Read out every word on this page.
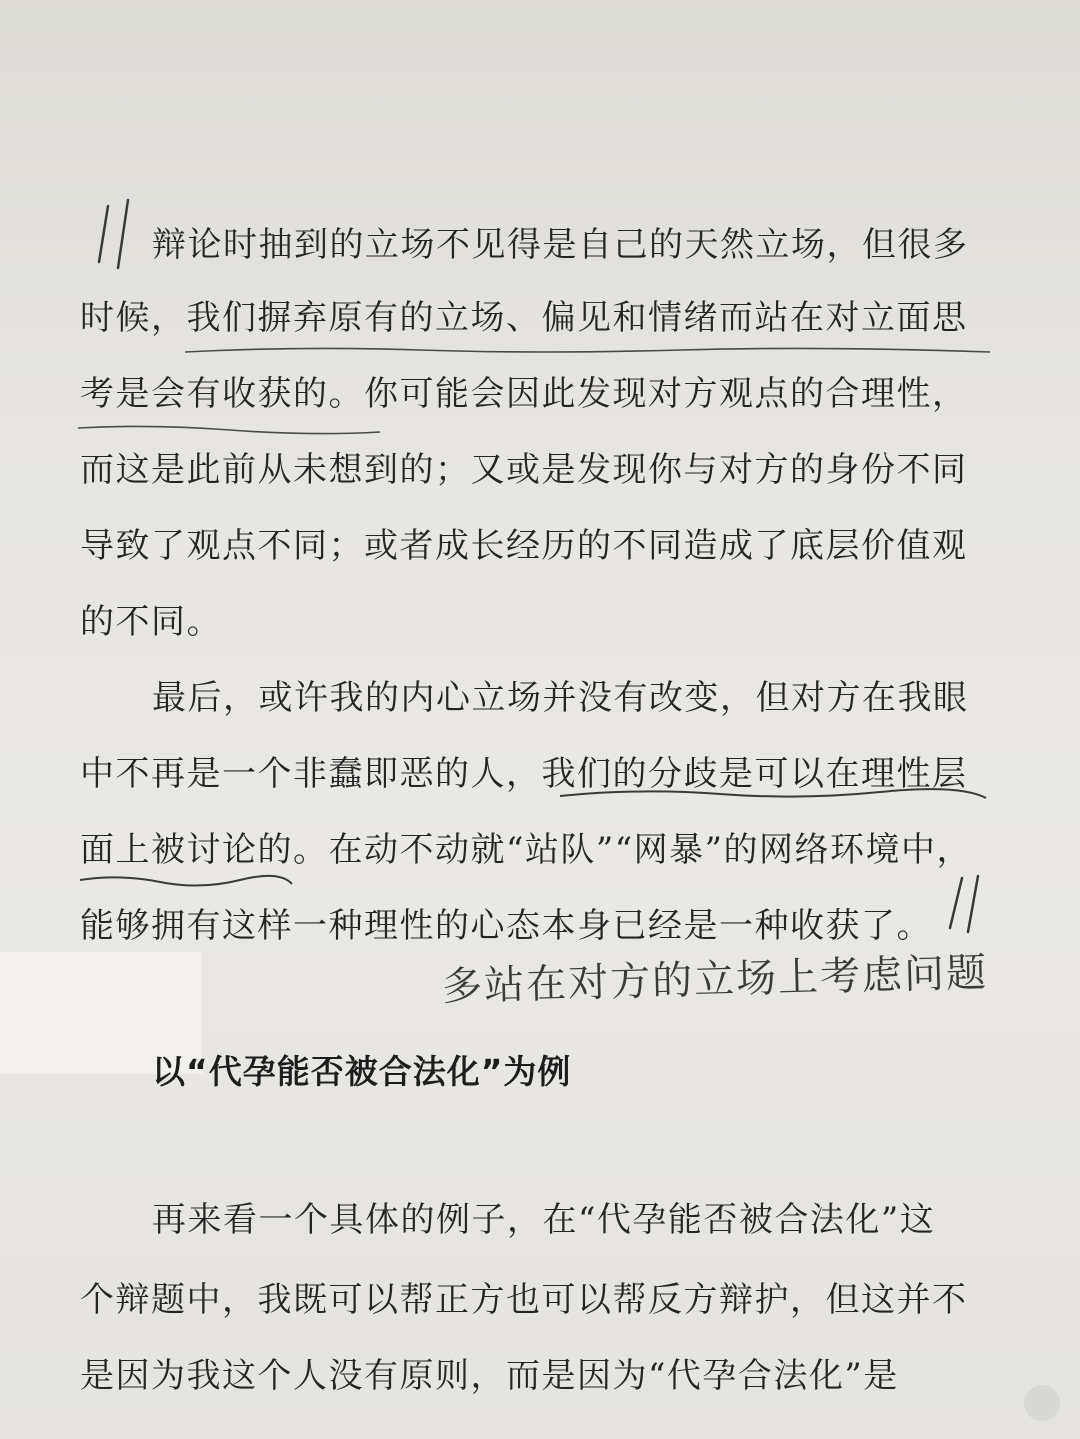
辩论时抽到的立场不见得是自己的天然立场，但很多
时候，我们摒弃原有的立场、偏见和情绪而站在对立面思
考是会有收获的。你可能会因此发现对方观点的合理性，
而这是此前从未想到的；又或是发现你与对方的身份不同
导致了观点不同；或者成长经历的不同造成了底层价值观
的不同。
最后，或许我的内心立场并没有改变，但对方在我眼
中不再是一个非蠢即恶的人，我们的分歧是可以在理性层
面上被讨论的。在动不动就“站队”“网暴”的网络环境中，
能够拥有这样一种理性的心态本身已经是一种收获了。
多站在对方的立场上考虑问题
以“代孕能否被合法化”为例
再来看一个具体的例子，在“代孕能否被合法化”这
个辩题中，我既可以帮正方也可以帮反方辩护，但这并不
是因为我这个人没有原则，而是因为“代孕合法化”是
